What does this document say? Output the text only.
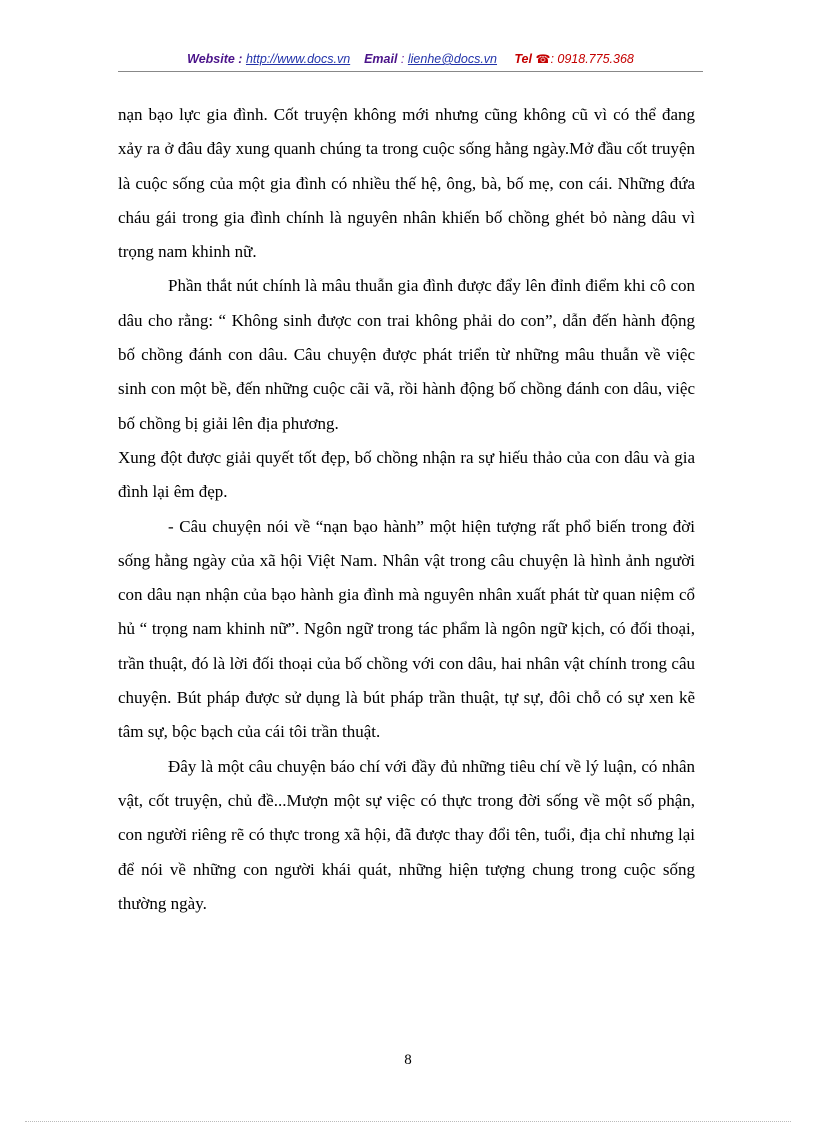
Website : http://www.docs.vn Email : lienhe@docs.vn Tel ☎: 0918.775.368

nạn bạo lực gia đình. Cốt truyện không mới nhưng cũng không cũ vì có thể đang xảy ra ở đâu đây xung quanh chúng ta trong cuộc sống hằng ngày.Mở đầu cốt truyện là cuộc sống của một gia đình có nhiều thế hệ, ông, bà, bố mẹ, con cái. Những đứa cháu gái trong gia đình chính là nguyên nhân khiến bố chồng ghét bỏ nàng dâu vì trọng nam khinh nữ.

Phần thắt nút chính là mâu thuẫn gia đình được đẩy lên đỉnh điểm khi cô con dâu cho rằng: “ Không sinh được con trai không phải do con”, dẫn đến hành động bố chồng đánh con dâu. Câu chuyện được phát triển từ những mâu thuẫn về việc sinh con một bề, đến những cuộc cãi vã, rồi hành động bố chồng đánh con dâu, việc bố chồng bị giải lên địa phương.

Xung đột được giải quyết tốt đẹp, bố chồng nhận ra sự hiếu thảo của con dâu và gia đình lại êm đẹp.

- Câu chuyện nói về “nạn bạo hành” một hiện tượng rất phổ biến trong đời sống hằng ngày của xã hội Việt Nam. Nhân vật trong câu chuyện là hình ảnh người con dâu nạn nhận của bạo hành gia đình mà nguyên nhân xuất phát từ quan niệm cổ hủ “ trọng nam khinh nữ”. Ngôn ngữ trong tác phẩm là ngôn ngữ kịch, có đối thoại, trần thuật, đó là lời đối thoại của bố chồng với con dâu, hai nhân vật chính trong câu chuyện. Bút pháp được sử dụng là bút pháp trần thuật, tự sự, đôi chỗ có sự xen kẽ tâm sự, bộc bạch của cái tôi trần thuật.

Đây là một câu chuyện báo chí với đầy đủ những tiêu chí về lý luận, có nhân vật, cốt truyện, chủ đề...Mượn một sự việc có thực trong đời sống về một số phận, con người riêng rẽ có thực trong xã hội, đã được thay đổi tên, tuổi, địa chỉ nhưng lại để nói về những con người khái quát, những hiện tượng chung trong cuộc sống thường ngày.

8
